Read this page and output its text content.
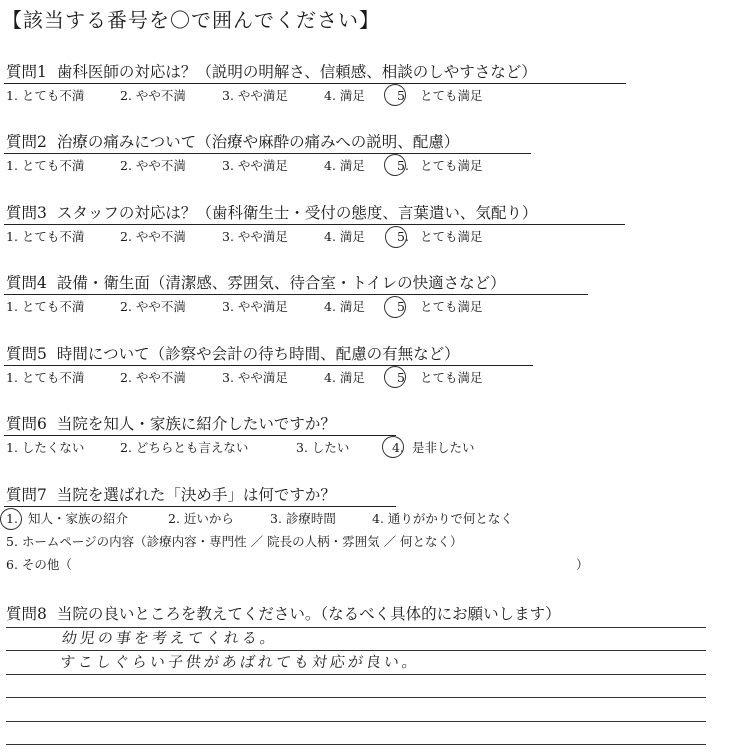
【該当する番号を〇で囲んでください】
質問1 歯科医師の対応は？（説明の明解さ、信頼感、相談のしやすさなど）
1. とても不満	2. やや不満	3. やや満足	4. 満足	5 とても満足
質問2 治療の痛みについて（治療や麻酔の痛みへの説明、配慮）
1. とても不満	2. やや不満	3. やや満足	4. 満足	5. とても満足
質問3 スタッフの対応は？（歯科衛生士・受付の態度、言葉遣い、気配り）
1. とても不満	2. やや不満	3. やや満足	4. 満足	5. とても満足
質問4 設備・衛生面（清潔感、雰囲気、待合室・トイレの快適さなど）
1. とても不満	2. やや不満	3. やや満足	4. 満足	5 とても満足
質問5 時間について（診察や会計の待ち時間、配慮の有無など）
1. とても不満	2. やや不満	3. やや満足	4. 満足	5 とても満足
質問6 当院を知人・家族に紹介したいですか？
1. したくない	2. どちらとも言えない	3. したい	4. 是非したい
質問7 当院を選ばれた「決め手」は何ですか？
1. 知人・家族の紹介	2. 近いから	3. 診療時間	4. 通りがかりで何となく
5. ホームページの内容（診療内容・専門性 ／ 院長の人柄・雰囲気 ／ 何となく）
6. その他（	）
質問8 当院の良いところを教えてください。（なるべく具体的にお願いします）
幼児の事を考えてくれる。
すこしぐらい子供があばれても対応が良い。
